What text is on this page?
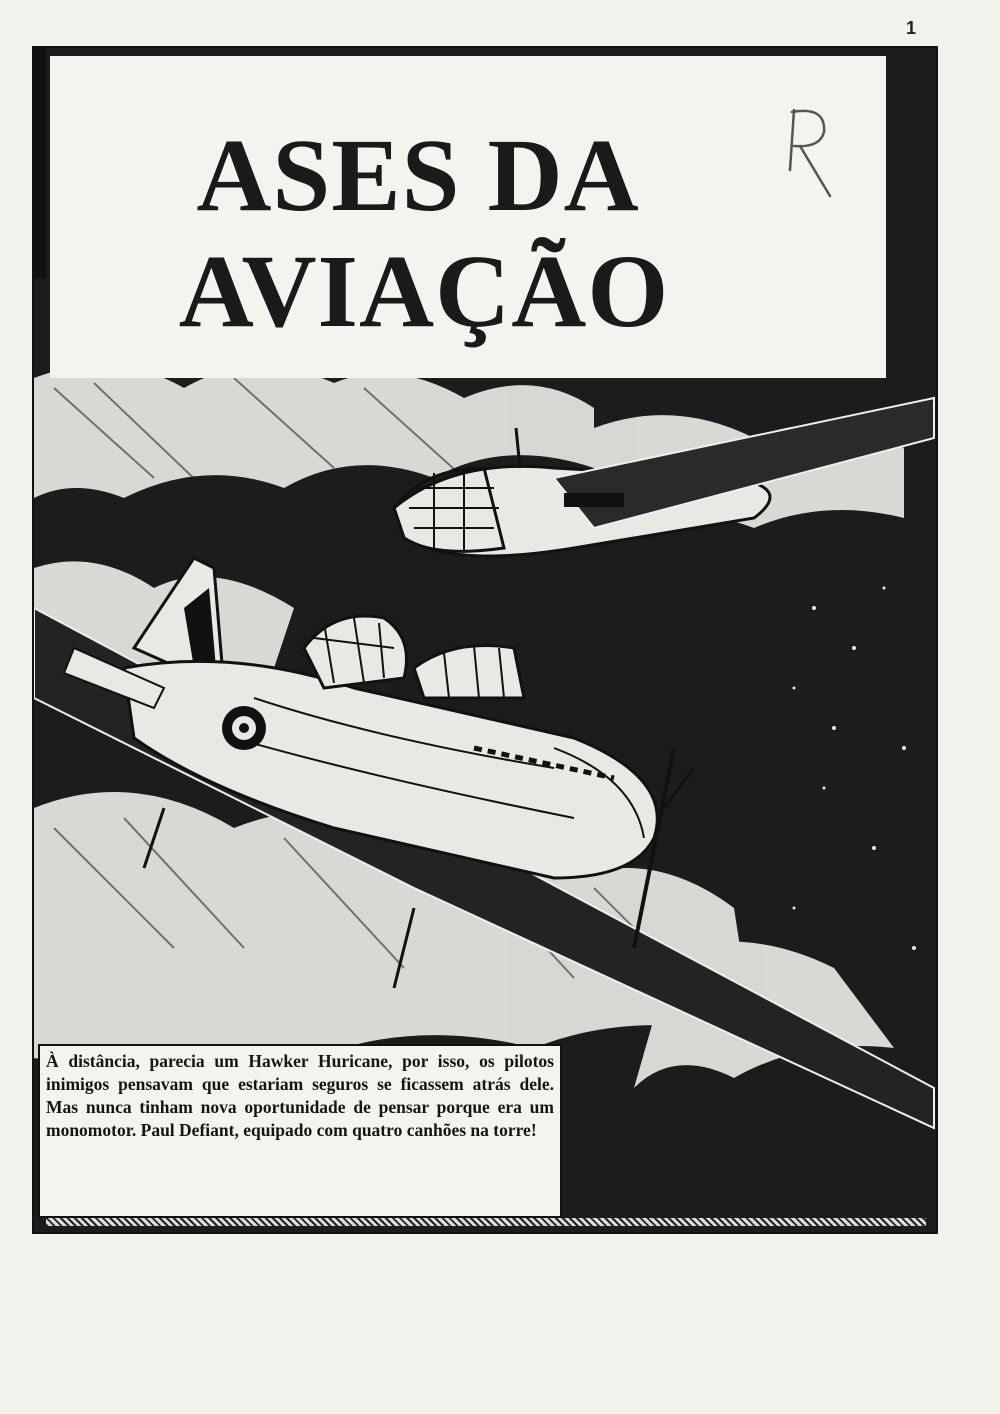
1
ASES DA
AVIAÇÃO
À distância, parecia um Hawker Huricane, por isso, os pilotos inimigos pensavam que estariam seguros se ficassem atrás dele. Mas nunca tinham nova oportunidade de pensar porque era um monomotor. Paul Defiant, equipado com quatro canhões na torre!
